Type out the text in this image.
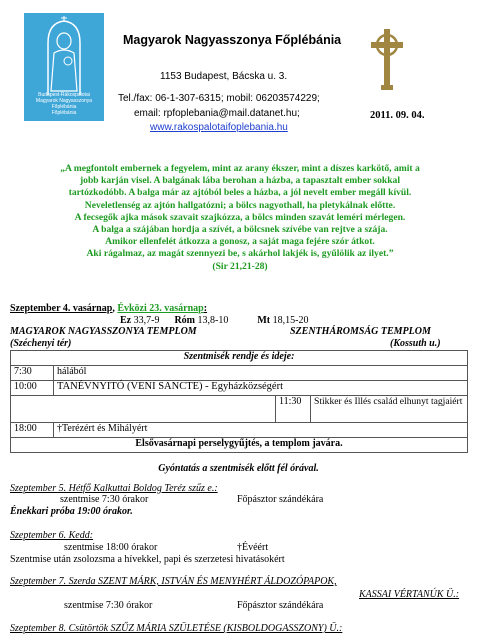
Budapest-Rákospalotai
Magyarok Nagyasszonya Főplébánia
Főplébánia
Magyarok Nagyasszonya Főplébánia
1153 Budapest, Bácska u. 3.
Tel./fax: 06-1-307-6315; mobil: 06203574229;
email: rpfoplebania@mail.datanet.hu;
www.rakospalotaifoplebania.hu
2011. 09. 04.
„A megfontolt embernek a fegyelem, mint az arany ékszer, mint a díszes karkötő, amit a
jobb karján visel. A balgának lába berohan a házba, a tapasztalt ember sokkal
tartózkodóbb. A balga már az ajtóból beles a házba, a jól nevelt ember megáll kívül.
Neveletlenség az ajtón hallgatózni; a bölcs nagyothall, ha pletykálnak előtte.
A fecsegők ajka mások szavait szajkózza, a bölcs minden szavát leméri mérlegen.
A balga a szájában hordja a szívét, a bölcsnek szívébe van rejtve a szája.
Amikor ellenfelét átkozza a gonosz, a saját maga fejére szór átkot.
Aki rágalmaz, az magát szennyezi be, s akárhol lakjék is, gyűlölik az ilyet.”
(Sir 21,21-28)
Szeptember 4. vasárnap, Évközi 23. vasárnap:
Ez 33,7-9 Róm 13,8-10	Mt 18,15-20
MAGYAROK NAGYASSZONYA TEMPLOM
(Széchenyi tér)
SZENTHÁROMSÁG TEMPLOM
(Kossuth u.)
Szentmisék rendje és ideje:			
7:30	hálából		
10:00	TANÉVNYITÓ (VENI SANCTE) - Egyházközségért		
		11:30	Stikker és Illés család elhunyt tagjaiért
18:00	†Terézért és Mihályért		
Elsővasárnapi perselygyűjtés, a templom javára.			
Gyóntatás a szentmisék előtt fél órával.
Szeptember 5. Hétfő Kalkuttai Boldog Teréz szűz e.:
szentmise 7:30 órakor	Főpásztor szándékára
Énekkari próba 19:00 órakor.
Szeptember 6. Kedd:
szentmise 18:00 órakor	†Évéért
Szentmise után zsolozsma a hívekkel, papi és szerzetesi hivatásokért
Szeptember 7. Szerda SZENT MÁRK, ISTVÁN ÉS MENYHÉRT ÁLDOZÓPAPOK,
KASSAI VÉRTANÚK Ü.:
szentmise 7:30 órakor	Főpásztor szándékára
Szeptember 8. Csütörtök SZŰZ MÁRIA SZÜLETÉSE (KISBOLDOGASSZONY) Ü.:
